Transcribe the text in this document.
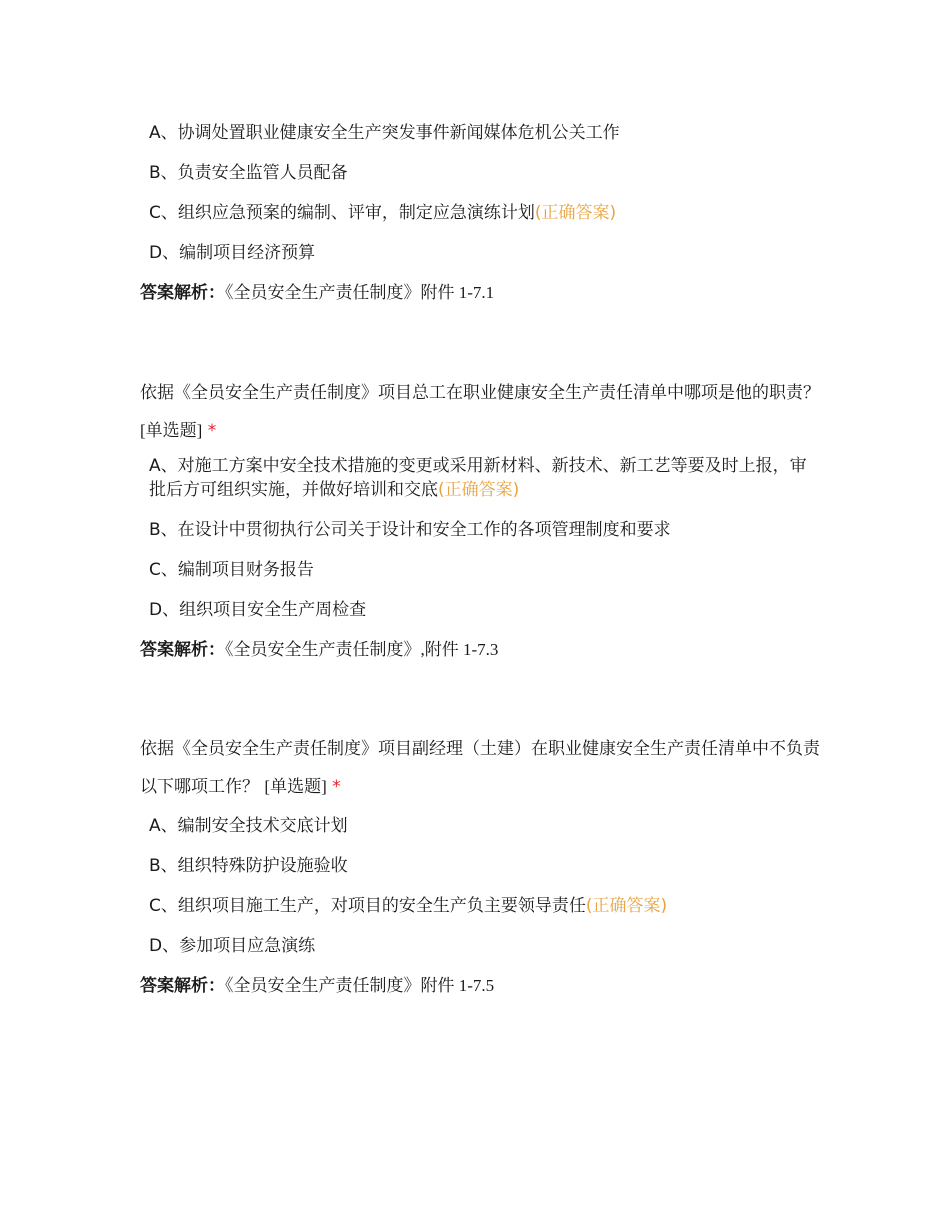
A、协调处置职业健康安全生产突发事件新闻媒体危机公关工作
B、负责安全监管人员配备
C、组织应急预案的编制、评审，制定应急演练计划(正确答案)
D、编制项目经济预算
答案解析：《全员安全生产责任制度》附件 1-7.1

依据《全员安全生产责任制度》项目总工在职业健康安全生产责任清单中哪项是他的职责？ [单选题] *

A、对施工方案中安全技术措施的变更或采用新材料、新技术、新工艺等要及时上报，审批后方可组织实施，并做好培训和交底(正确答案)
B、在设计中贯彻执行公司关于设计和安全工作的各项管理制度和要求
C、编制项目财务报告
D、组织项目安全生产周检查
答案解析：《全员安全生产责任制度》,附件 1-7.3

依据《全员安全生产责任制度》项目副经理（土建）在职业健康安全生产责任清单中不负责以下哪项工作？ [单选题] *

A、编制安全技术交底计划
B、组织特殊防护设施验收
C、组织项目施工生产，对项目的安全生产负主要领导责任(正确答案)
D、参加项目应急演练
答案解析：《全员安全生产责任制度》附件 1-7.5
